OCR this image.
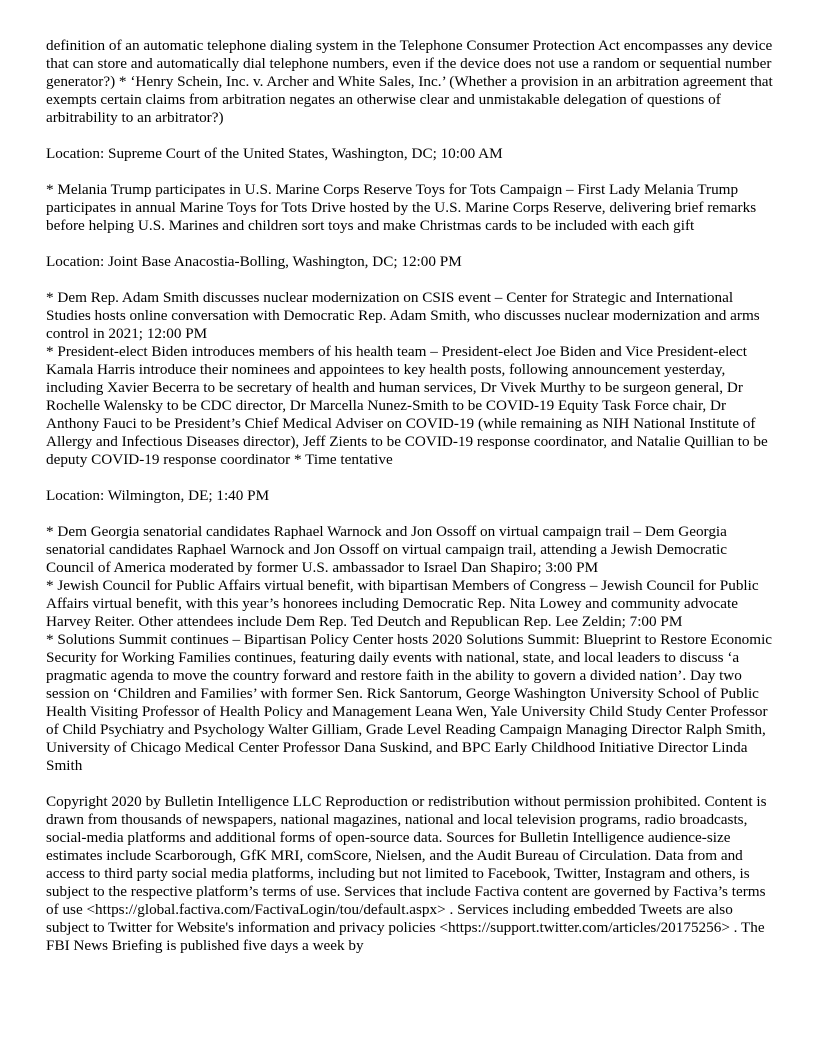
definition of an automatic telephone dialing system in the Telephone Consumer Protection Act encompasses any device that can store and automatically dial telephone numbers, even if the device does not use a random or sequential number generator?) * ‘Henry Schein, Inc. v. Archer and White Sales, Inc.’ (Whether a provision in an arbitration agreement that exempts certain claims from arbitration negates an otherwise clear and unmistakable delegation of questions of arbitrability to an arbitrator?)

Location: Supreme Court of the United States, Washington, DC; 10:00 AM

* Melania Trump participates in U.S. Marine Corps Reserve Toys for Tots Campaign – First Lady Melania Trump participates in annual Marine Toys for Tots Drive hosted by the U.S. Marine Corps Reserve, delivering brief remarks before helping U.S. Marines and children sort toys and make Christmas cards to be included with each gift

Location: Joint Base Anacostia-Bolling, Washington, DC; 12:00 PM

* Dem Rep. Adam Smith discusses nuclear modernization on CSIS event – Center for Strategic and International Studies hosts online conversation with Democratic Rep. Adam Smith, who discusses nuclear modernization and arms control in 2021; 12:00 PM

* President-elect Biden introduces members of his health team – President-elect Joe Biden and Vice President-elect Kamala Harris introduce their nominees and appointees to key health posts, following announcement yesterday, including Xavier Becerra to be secretary of health and human services, Dr Vivek Murthy to be surgeon general, Dr Rochelle Walensky to be CDC director, Dr Marcella Nunez-Smith to be COVID-19 Equity Task Force chair, Dr Anthony Fauci to be President’s Chief Medical Adviser on COVID-19 (while remaining as NIH National Institute of Allergy and Infectious Diseases director), Jeff Zients to be COVID-19 response coordinator, and Natalie Quillian to be deputy COVID-19 response coordinator * Time tentative

Location: Wilmington, DE; 1:40 PM

* Dem Georgia senatorial candidates Raphael Warnock and Jon Ossoff on virtual campaign trail – Dem Georgia senatorial candidates Raphael Warnock and Jon Ossoff on virtual campaign trail, attending a Jewish Democratic Council of America moderated by former U.S. ambassador to Israel Dan Shapiro; 3:00 PM

* Jewish Council for Public Affairs virtual benefit, with bipartisan Members of Congress – Jewish Council for Public Affairs virtual benefit, with this year’s honorees including Democratic Rep. Nita Lowey and community advocate Harvey Reiter. Other attendees include Dem Rep. Ted Deutch and Republican Rep. Lee Zeldin; 7:00 PM

* Solutions Summit continues – Bipartisan Policy Center hosts 2020 Solutions Summit: Blueprint to Restore Economic Security for Working Families continues, featuring daily events with national, state, and local leaders to discuss ‘a pragmatic agenda to move the country forward and restore faith in the ability to govern a divided nation’. Day two session on ‘Children and Families’ with former Sen. Rick Santorum, George Washington University School of Public Health Visiting Professor of Health Policy and Management Leana Wen, Yale University Child Study Center Professor of Child Psychiatry and Psychology Walter Gilliam, Grade Level Reading Campaign Managing Director Ralph Smith, University of Chicago Medical Center Professor Dana Suskind, and BPC Early Childhood Initiative Director Linda Smith

Copyright 2020 by Bulletin Intelligence LLC Reproduction or redistribution without permission prohibited. Content is drawn from thousands of newspapers, national magazines, national and local television programs, radio broadcasts, social-media platforms and additional forms of open-source data. Sources for Bulletin Intelligence audience-size estimates include Scarborough, GfK MRI, comScore, Nielsen, and the Audit Bureau of Circulation. Data from and access to third party social media platforms, including but not limited to Facebook, Twitter, Instagram and others, is subject to the respective platform’s terms of use. Services that include Factiva content are governed by Factiva’s terms of use <https://global.factiva.com/FactivaLogin/tou/default.aspx> . Services including embedded Tweets are also subject to Twitter for Website's information and privacy policies <https://support.twitter.com/articles/20175256> . The FBI News Briefing is published five days a week by
